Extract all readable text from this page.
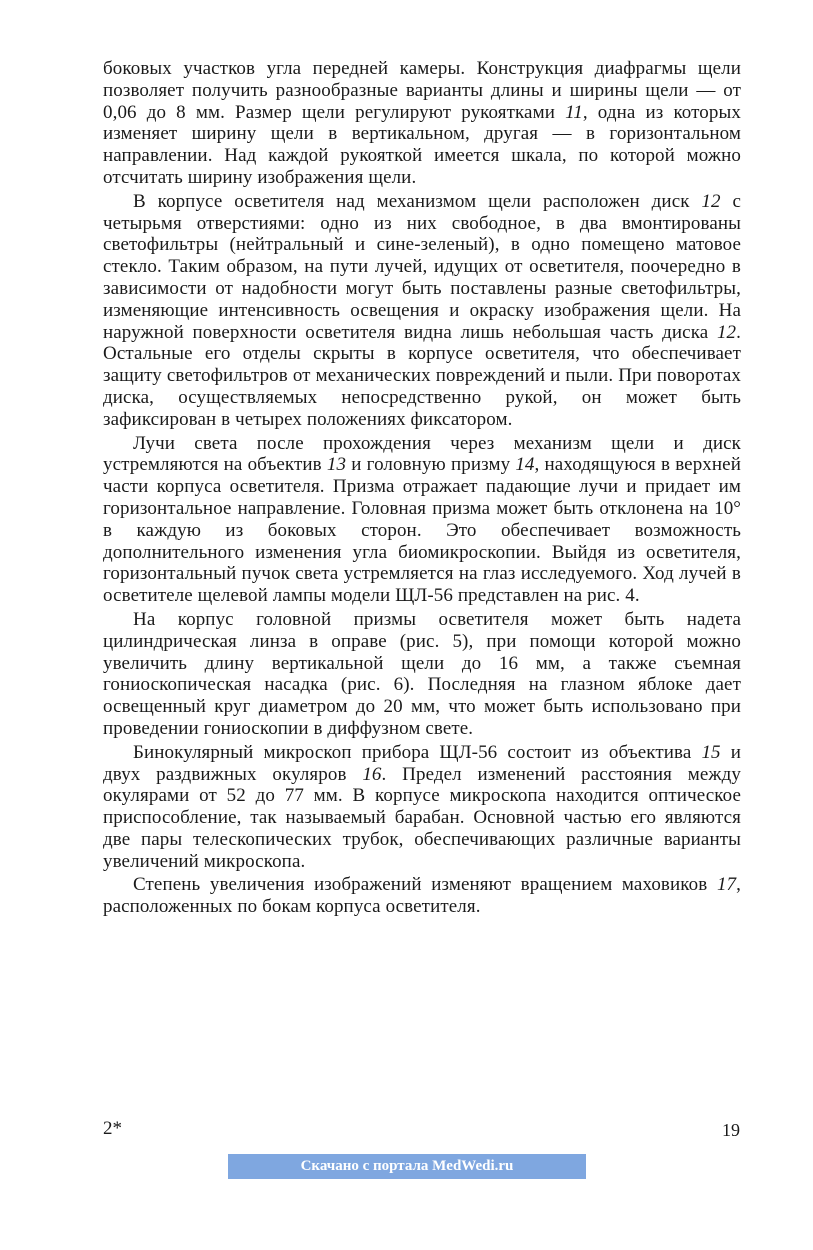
боковых участков угла передней камеры. Конструкция диафрагмы щели позволяет получить разнообразные варианты длины и ширины щели — от 0,06 до 8 мм. Размер щели регулируют рукоятками 11, одна из которых изменяет ширину щели в вертикальном, другая — в горизонтальном направлении. Над каждой рукояткой имеется шкала, по которой можно отсчитать ширину изображения щели.

В корпусе осветителя над механизмом щели расположен диск 12 с четырьмя отверстиями: одно из них свободное, в два вмонтированы светофильтры (нейтральный и сине-зеленый), в одно помещено матовое стекло. Таким образом, на пути лучей, идущих от осветителя, поочередно в зависимости от надобности могут быть поставлены разные светофильтры, изменяющие интенсивность освещения и окраску изображения щели. На наружной поверхности осветителя видна лишь небольшая часть диска 12. Остальные его отделы скрыты в корпусе осветителя, что обеспечивает защиту светофильтров от механических повреждений и пыли. При поворотах диска, осуществляемых непосредственно рукой, он может быть зафиксирован в четырех положениях фиксатором.

Лучи света после прохождения через механизм щели и диск устремляются на объектив 13 и головную призму 14, находящуюся в верхней части корпуса осветителя. Призма отражает падающие лучи и придает им горизонтальное направление. Головная призма может быть отклонена на 10° в каждую из боковых сторон. Это обеспечивает возможность дополнительного изменения угла биомикроскопии. Выйдя из осветителя, горизонтальный пучок света устремляется на глаз исследуемого. Ход лучей в осветителе щелевой лампы модели ЩЛ-56 представлен на рис. 4.

На корпус головной призмы осветителя может быть надета цилиндрическая линза в оправе (рис. 5), при помощи которой можно увеличить длину вертикальной щели до 16 мм, а также съемная гониоскопическая насадка (рис. 6). Последняя на глазном яблоке дает освещенный круг диаметром до 20 мм, что может быть использовано при проведении гониоскопии в диффузном свете.

Бинокулярный микроскоп прибора ЩЛ-56 состоит из объектива 15 и двух раздвижных окуляров 16. Предел изменений расстояния между окулярами от 52 до 77 мм. В корпусе микроскопа находится оптическое приспособление, так называемый барабан. Основной частью его являются две пары телескопических трубок, обеспечивающих различные варианты увеличений микроскопа.

Степень увеличения изображений изменяют вращением маховиков 17, расположенных по бокам корпуса осветителя.

2*	19
Скачано с портала MedWedi.ru
